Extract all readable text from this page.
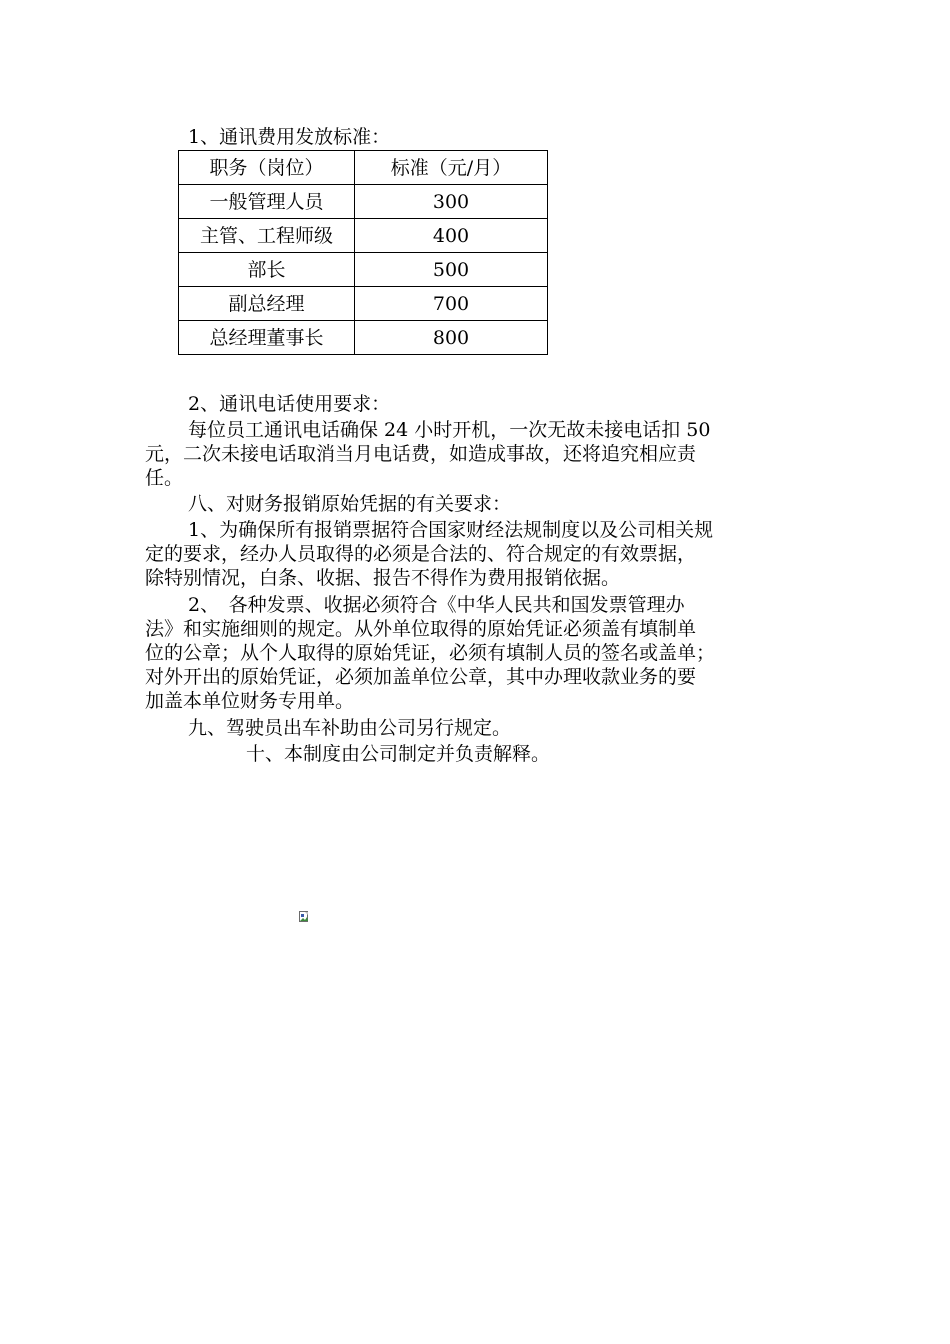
1、通讯费用发放标准：
职务（岗位）	标准（元/月）
一般管理人员	300
主管、工程师级	400
部长	500
副总经理	700
总经理董事长	800
2、通讯电话使用要求：
每位员工通讯电话确保 24 小时开机，一次无故未接电话扣 50
元，二次未接电话取消当月电话费，如造成事故，还将追究相应责
任。
八、对财务报销原始凭据的有关要求：
1、为确保所有报销票据符合国家财经法规制度以及公司相关规
定的要求，经办人员取得的必须是合法的、符合规定的有效票据，
除特别情况，白条、收据、报告不得作为费用报销依据。
2、　各种发票、收据必须符合《中华人民共和国发票管理办
法》和实施细则的规定。从外单位取得的原始凭证必须盖有填制单
位的公章；从个人取得的原始凭证，必须有填制人员的签名或盖单；
对外开出的原始凭证，必须加盖单位公章，其中办理收款业务的要
加盖本单位财务专用单。
九、驾驶员出车补助由公司另行规定。
十、本制度由公司制定并负责解释。
